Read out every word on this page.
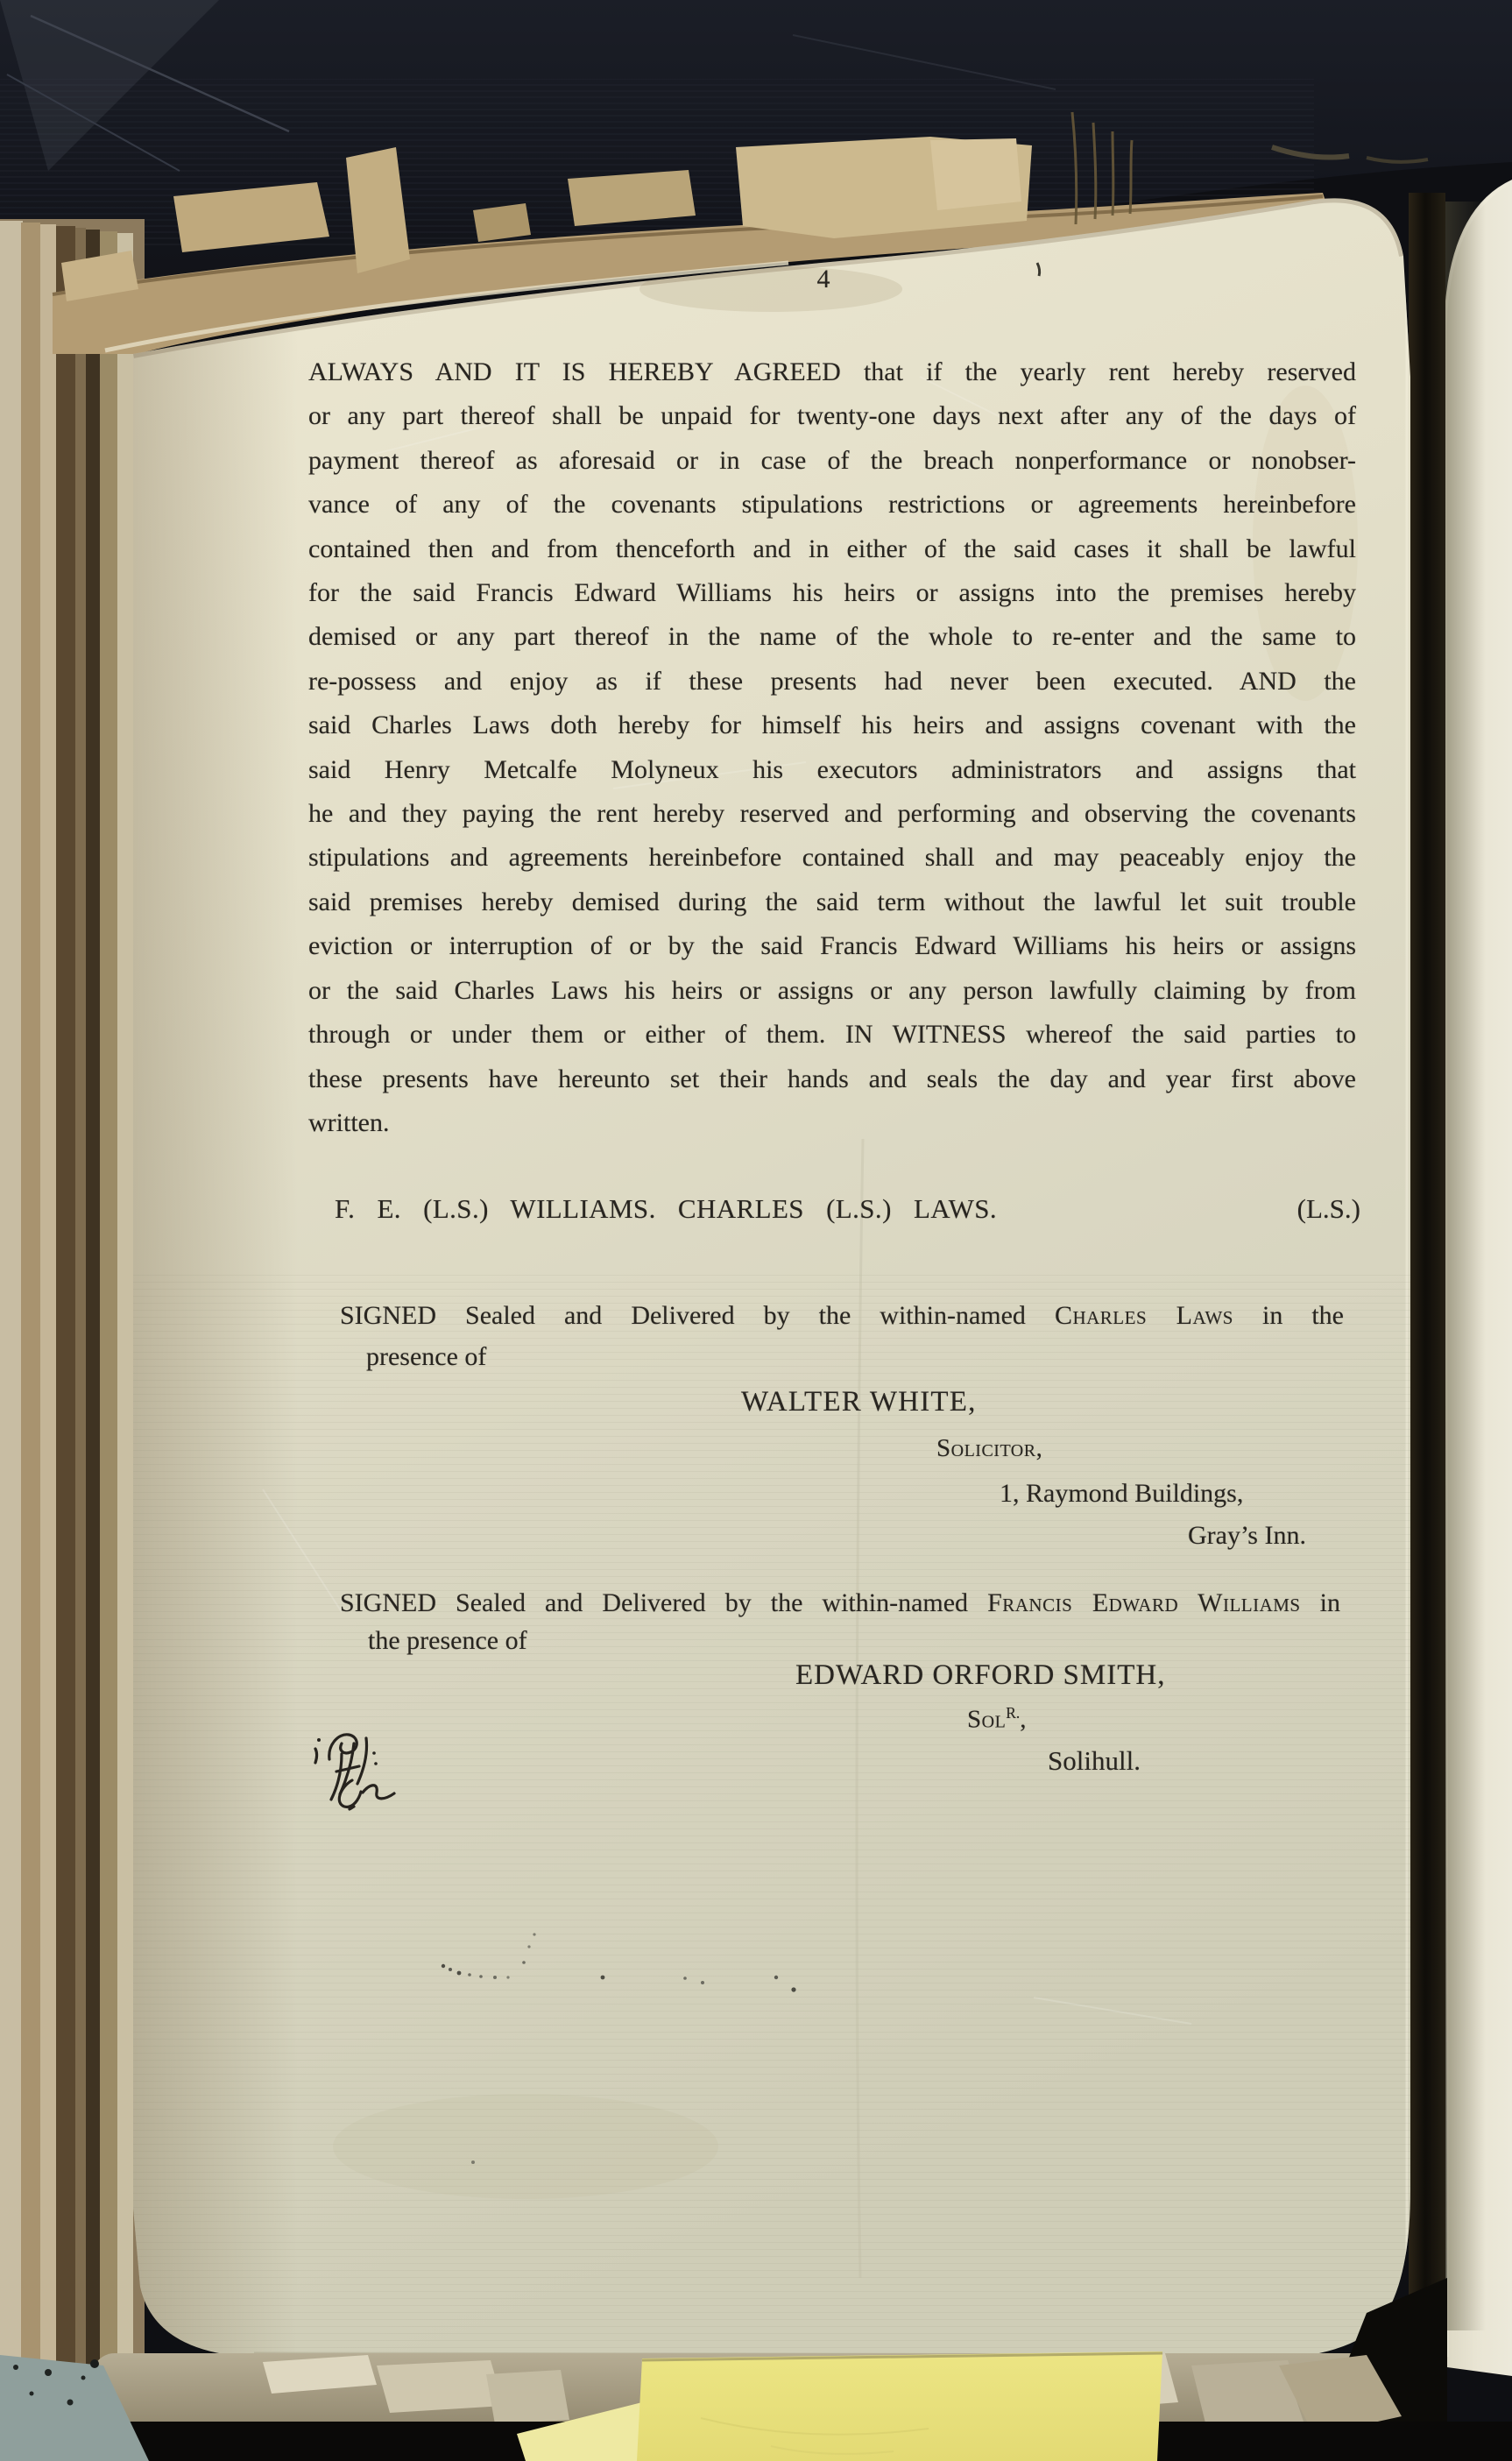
4
ALWAYS AND IT IS HEREBY AGREED that if the yearly rent hereby reserved
or any part thereof shall be unpaid for twenty-one days next after any of the days of
payment thereof as aforesaid or in case of the breach nonperformance or nonobser-
vance of any of the covenants stipulations restrictions or agreements hereinbefore
contained then and from thenceforth and in either of the said cases it shall be lawful
for the said Francis Edward Williams his heirs or assigns into the premises hereby
demised or any part thereof in the name of the whole to re-enter and the same to
re-possess and enjoy as if these presents had never been executed. AND the
said Charles Laws doth hereby for himself his heirs and assigns covenant with the
said Henry Metcalfe Molyneux his executors administrators and assigns that
he and they paying the rent hereby reserved and performing and observing the covenants
stipulations and agreements hereinbefore contained shall and may peaceably enjoy the
said premises hereby demised during the said term without the lawful let suit trouble
eviction or interruption of or by the said Francis Edward Williams his heirs or assigns
or the said Charles Laws his heirs or assigns or any person lawfully claiming by from
through or under them or either of them. IN WITNESS whereof the said parties to
these presents have hereunto set their hands and seals the day and year first above
written.
F. E. (L.S.) WILLIAMS. CHARLES (L.S.) LAWS.	(L.S.)
SIGNED Sealed and Delivered by the within-named Charles Laws in the
presence of
WALTER WHITE,
Solicitor,
1, Raymond Buildings,
Gray’s Inn.
SIGNED Sealed and Delivered by the within-named Francis Edward Williams in
the presence of
EDWARD ORFORD SMITH,
Sol$^{R.}$,
Solihull.
